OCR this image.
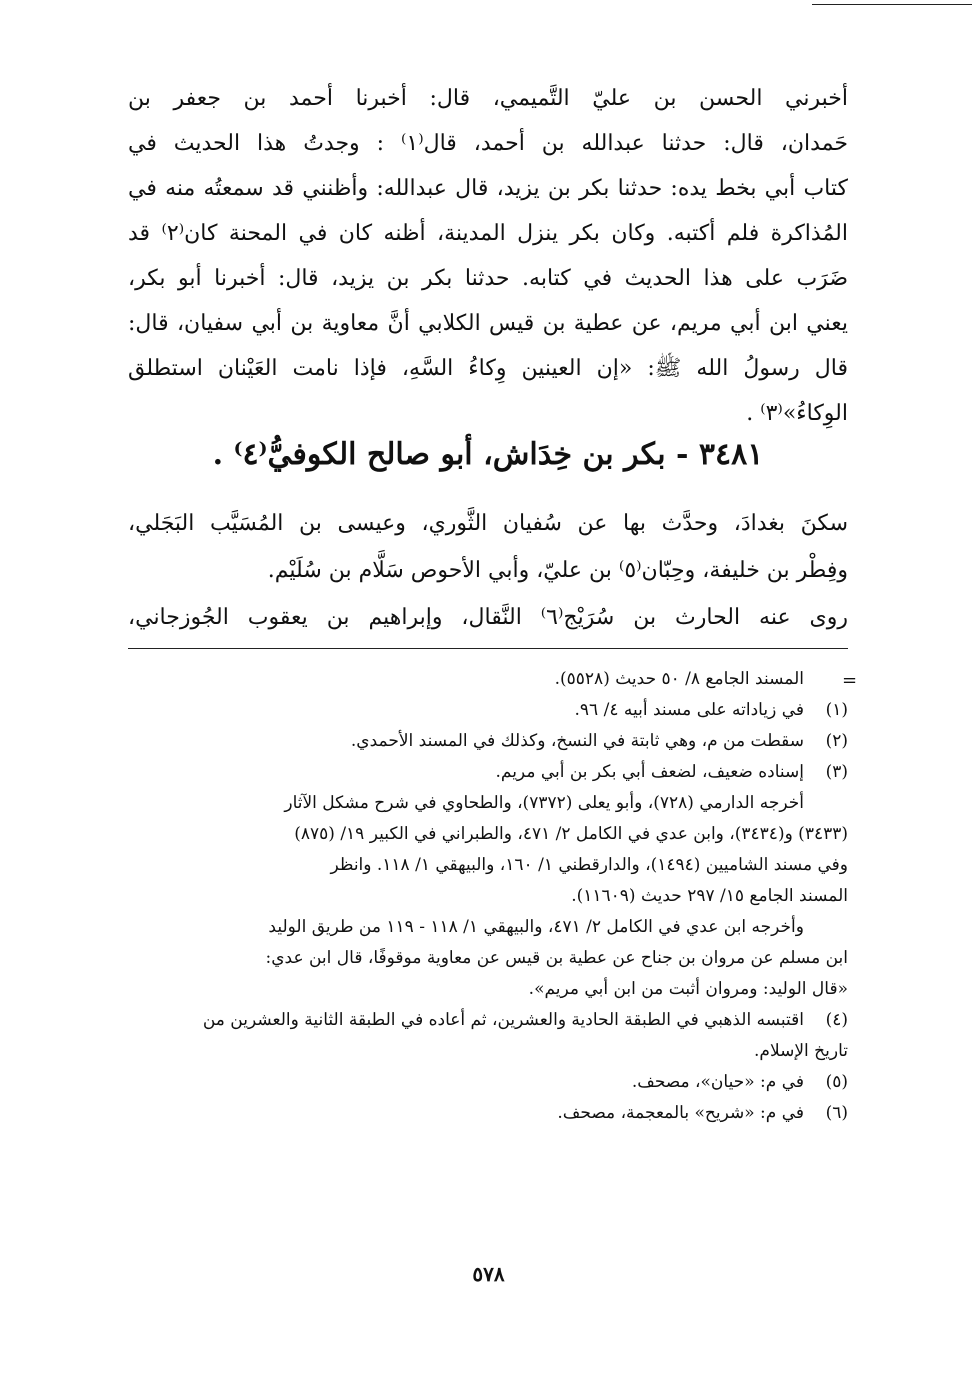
أخبرني الحسن بن عليّ التَّميمي، قال: أخبرنا أحمد بن جعفر بن
حَمدان، قال: حدثنا عبدالله بن أحمد، قال⁽١⁾ : وجدتُ هذا الحديث في
كتاب أبي بخط يده: حدثنا بكر بن يزيد، قال عبدالله: وأظنني قد سمعتُه منه في
المُذاكرة فلم أكتبه. وكان بكر ينزل المدينة، أظنه كان في المحنة كان⁽٢⁾ قد
ضَرَب على هذا الحديث في كتابه. حدثنا بكر بن يزيد، قال: أخبرنا أبو بكر،
يعني ابن أبي مريم، عن عطية بن قيس الكلابي أنَّ معاوية بن أبي سفيان، قال:
قال رسولُ الله ﷺ: «إن العينين وِكاءُ السَّهِ، فإذا نامت العَيْنان استطلق
الوِكاءُ»⁽٣⁾ .
٣٤٨١ - بكر بن خِدَاش، أبو صالح الكوفيُّ⁽٤⁾ .
سكنَ بغدادَ، وحدَّث بها عن سُفيان الثَّوري، وعيسى بن المُسَيَّب البَجَلي،
وفِطْر بن خليفة، وحِبّان⁽٥⁾ بن عليّ، وأبي الأحوص سَلَّام بن سُلَيْم.
روى عنه الحارث بن سُرَيْج⁽٦⁾ النَّقال، وإبراهيم بن يعقوب الجُوزجاني،
=
المسند الجامع ٨/ ٥٠ حديث (٥٥٢٨).
(١)في زياداته على مسند أبيه ٤/ ٩٦.
(٢)سقطت من م، وهي ثابتة في النسخ، وكذلك في المسند الأحمدي.
(٣)إسناده ضعيف، لضعف أبي بكر بن أبي مريم.
أخرجه الدارمي (٧٢٨)، وأبو يعلى (٧٣٧٢)، والطحاوي في شرح مشكل الآثار
(٣٤٣٣) و(٣٤٣٤)، وابن عدي في الكامل ٢/ ٤٧١، والطبراني في الكبير ١٩/ (٨٧٥)
وفي مسند الشاميين (١٤٩٤)، والدارقطني ١/ ١٦٠، والبيهقي ١/ ١١٨. وانظر
المسند الجامع ١٥/ ٢٩٧ حديث (١١٦٠٩).
وأخرجه ابن عدي في الكامل ٢/ ٤٧١، والبيهقي ١/ ١١٨ - ١١٩ من طريق الوليد
ابن مسلم عن مروان بن جناح عن عطية بن قيس عن معاوية موقوفًا، قال ابن عدي:
«قال الوليد: ومروان أثبت من ابن أبي مريم».
(٤)اقتبسه الذهبي في الطبقة الحادية والعشرين، ثم أعاده في الطبقة الثانية والعشرين من
تاريخ الإسلام.
(٥)في م: «حيان»، مصحف.
(٦)في م: «شريح» بالمعجمة، مصحف.
٥٧٨
